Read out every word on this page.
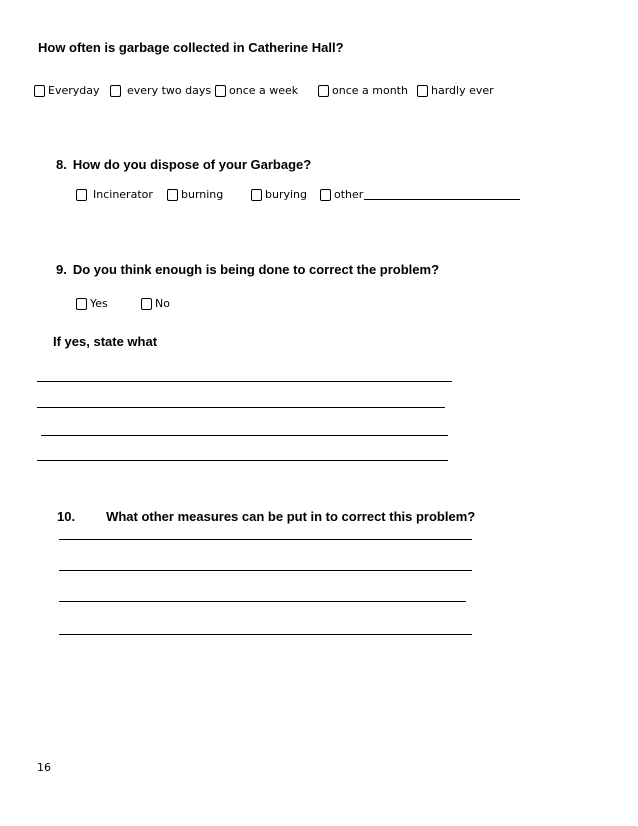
How often is garbage collected in Catherine Hall?
Everyday	every two days once a week	once a month hardly ever
8. How do you dispose of your Garbage?
Incinerator	burning	burying other
9. Do you think enough is being done to correct the problem?
Yes	No
If yes, state what
10. What other measures can be put in to correct this problem?
16
